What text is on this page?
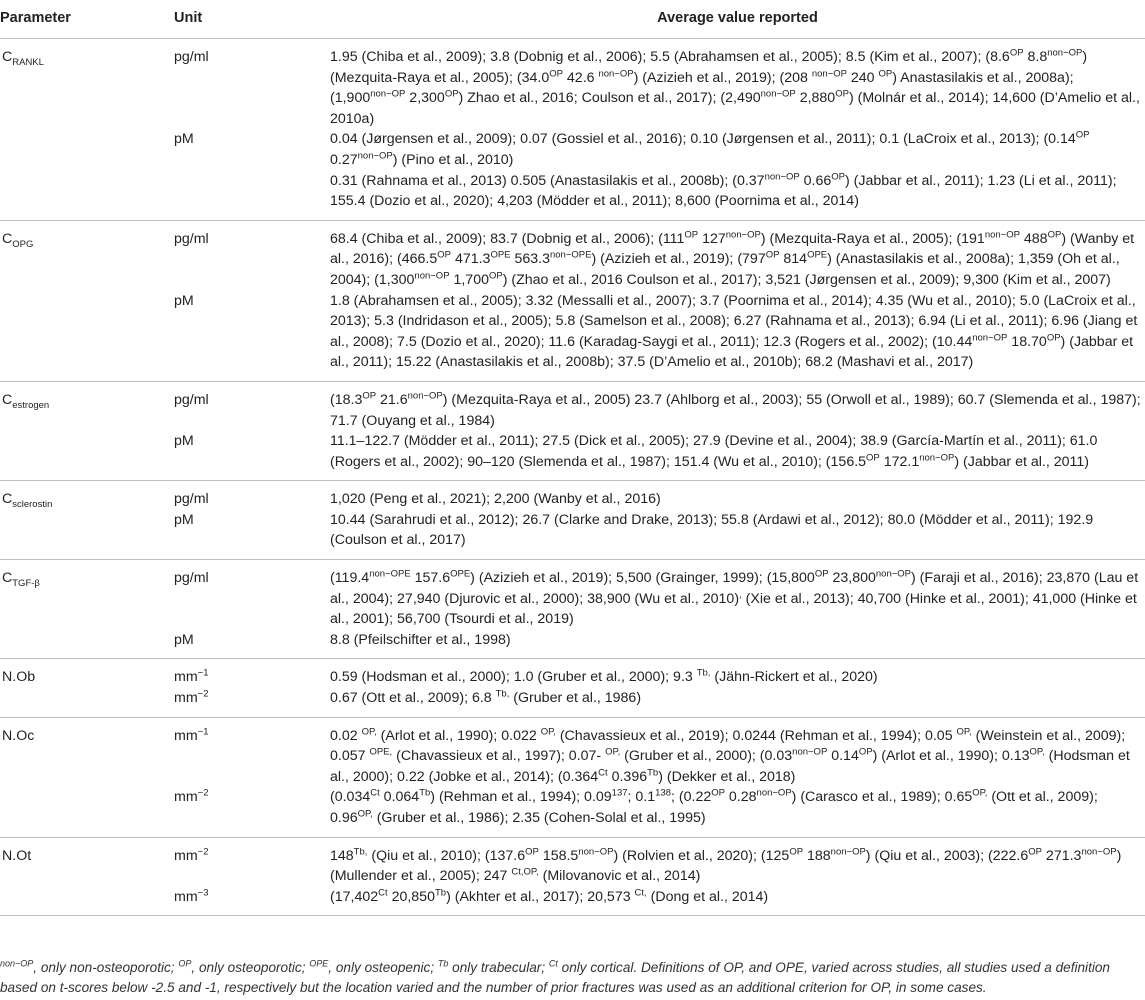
Parameter	Unit	Average value reported
$C_{RANKL}$	pg/ml	1.95 (Chiba et al., 2009); 3.8 (Dobnig et al., 2006); 5.5 (Abrahamsen et al., 2005); 8.5 (Kim et al., 2007); ($8.6^{OP}$ $8.8^{non-OP}$) (Mezquita-Raya et al., 2005); ($34.0^{OP}$ 42.6 $^{non-OP}$) (Azizieh et al., 2019); (208 $^{non-OP}$ 240 $^{OP}$) Anastasilakis et al., 2008a); ($1,900^{non-OP}$ $2,300^{OP}$) Zhao et al., 2016; Coulson et al., 2017); ($2,490^{non-OP}$ $2,880^{OP}$) (Molnár et al., 2014); 14,600 (D’Amelio et al., 2010a)
	pM	0.04 (Jørgensen et al., 2009); 0.07 (Gossiel et al., 2016); 0.10 (Jørgensen et al., 2011); 0.1 (LaCroix et al., 2013); ($0.14^{OP}$ $0.27^{non-OP}$) (Pino et al., 2010)
		0.31 (Rahnama et al., 2013) 0.505 (Anastasilakis et al., 2008b); ($0.37^{non-OP}$ $0.66^{OP}$) (Jabbar et al., 2011); 1.23 (Li et al., 2011); 155.4 (Dozio et al., 2020); 4,203 (Mödder et al., 2011); 8,600 (Poornima et al., 2014)
$C_{OPG}$	pg/ml	68.4 (Chiba et al., 2009); 83.7 (Dobnig et al., 2006); ($111^{OP}$ $127^{non-OP}$) (Mezquita-Raya et al., 2005); ($191^{non-OP}$ $488^{OP}$) (Wanby et al., 2016); ($466.5^{OP}$ $471.3^{OPE}$ $563.3^{non-OPE}$) (Azizieh et al., 2019); ($797^{OP}$ $814^{OPE}$) (Anastasilakis et al., 2008a); 1,359 (Oh et al., 2004); ($1,300^{non-OP}$ $1,700^{OP}$) (Zhao et al., 2016 Coulson et al., 2017); 3,521 (Jørgensen et al., 2009); 9,300 (Kim et al., 2007)
	pM	1.8 (Abrahamsen et al., 2005); 3.32 (Messalli et al., 2007); 3.7 (Poornima et al., 2014); 4.35 (Wu et al., 2010); 5.0 (LaCroix et al., 2013); 5.3 (Indridason et al., 2005); 5.8 (Samelson et al., 2008); 6.27 (Rahnama et al., 2013); 6.94 (Li et al., 2011); 6.96 (Jiang et al., 2008); 7.5 (Dozio et al., 2020); 11.6 (Karadag-Saygi et al., 2011); 12.3 (Rogers et al., 2002); ($10.44^{non-OP}$ $18.70^{OP}$) (Jabbar et al., 2011); 15.22 (Anastasilakis et al., 2008b); 37.5 (D’Amelio et al., 2010b); 68.2 (Mashavi et al., 2017)
$C_{estrogen}$	pg/ml	($18.3^{OP}$ $21.6^{non-OP}$) (Mezquita-Raya et al., 2005) 23.7 (Ahlborg et al., 2003); 55 (Orwoll et al., 1989); 60.7 (Slemenda et al., 1987); 71.7 (Ouyang et al., 1984)
	pM	11.1–122.7 (Mödder et al., 2011); 27.5 (Dick et al., 2005); 27.9 (Devine et al., 2004); 38.9 (García-Martín et al., 2011); 61.0 (Rogers et al., 2002); 90–120 (Slemenda et al., 1987); 151.4 (Wu et al., 2010); ($156.5^{OP}$ $172.1^{non-OP}$) (Jabbar et al., 2011)
$C_{sclerostin}$	pg/ml	1,020 (Peng et al., 2021); 2,200 (Wanby et al., 2016)
	pM	10.44 (Sarahrudi et al., 2012); 26.7 (Clarke and Drake, 2013); 55.8 (Ardawi et al., 2012); 80.0 (Mödder et al., 2011); 192.9 (Coulson et al., 2017)
$C_{TGF-\beta}$	pg/ml	($119.4^{non-OPE}$ $157.6^{OPE}$) (Azizieh et al., 2019); 5,500 (Grainger, 1999); ($15,800^{OP}$ $23,800^{non-OP}$) (Faraji et al., 2016); 23,870 (Lau et al., 2004); 27,940 (Djurovic et al., 2000); 38,900 (Wu et al., 2010), (Xie et al., 2013); 40,700 (Hinke et al., 2001); 41,000 (Hinke et al., 2001); 56,700 (Tsourdi et al., 2019)
	pM	8.8 (Pfeilschifter et al., 1998)
N.Ob	$mm^{-1}$	0.59 (Hodsman et al., 2000); 1.0 (Gruber et al., 2000); 9.3 $^{Tb,}$ (Jähn-Rickert et al., 2020)
	$mm^{-2}$	0.67 (Ott et al., 2009); 6.8 $^{Tb,}$ (Gruber et al., 1986)
N.Oc	$mm^{-1}$	0.02 $^{OP,}$ (Arlot et al., 1990); 0.022 $^{OP,}$ (Chavassieux et al., 2019); 0.0244 (Rehman et al., 1994); 0.05 $^{OP,}$ (Weinstein et al., 2009); 0.057 $^{OPE,}$ (Chavassieux et al., 1997); 0.07- $^{OP,}$ (Gruber et al., 2000); ($0.03^{non-OP}$ $0.14^{OP}$) (Arlot et al., 1990); $0.13^{OP,}$ (Hodsman et al., 2000); 0.22 (Jobke et al., 2014); ($0.364^{Ct}$ $0.396^{Tb}$) (Dekker et al., 2018)
	$mm^{-2}$	($0.034^{Ct}$ $0.064^{Tb}$) (Rehman et al., 1994); 0.09$^{137}$; $0.1^{138}$; ($0.22^{OP}$ $0.28^{non-OP}$) (Carasco et al., 1989); $0.65^{OP,}$ (Ott et al., 2009); $0.96^{OP,}$ (Gruber et al., 1986); 2.35 (Cohen-Solal et al., 1995)
N.Ot	$mm^{-2}$	$148^{Tb,}$ (Qiu et al., 2010); ($137.6^{OP}$ $158.5^{non-OP}$) (Rolvien et al., 2020); ($125^{OP}$ $188^{non-OP}$) (Qiu et al., 2003); ($222.6^{OP}$ $271.3^{non-OP}$) (Mullender et al., 2005); 247 $^{Ct,OP,}$ (Milovanovic et al., 2014)
	$mm^{-3}$	($17,402^{Ct}$ $20,850^{Tb}$) (Akhter et al., 2017); 20,573 $^{Ct,}$ (Dong et al., 2014)
$^{non-OP}$, only non-osteoporotic; $^{OP}$, only osteoporotic; $^{OPE}$, only osteopenic; $^{Tb}$ only trabecular; $^{Ct}$ only cortical. Definitions of OP, and OPE, varied across studies, all studies used a definition based on t-scores below -2.5 and -1, respectively but the location varied and the number of prior fractures was used as an additional criterion for OP, in some cases.
